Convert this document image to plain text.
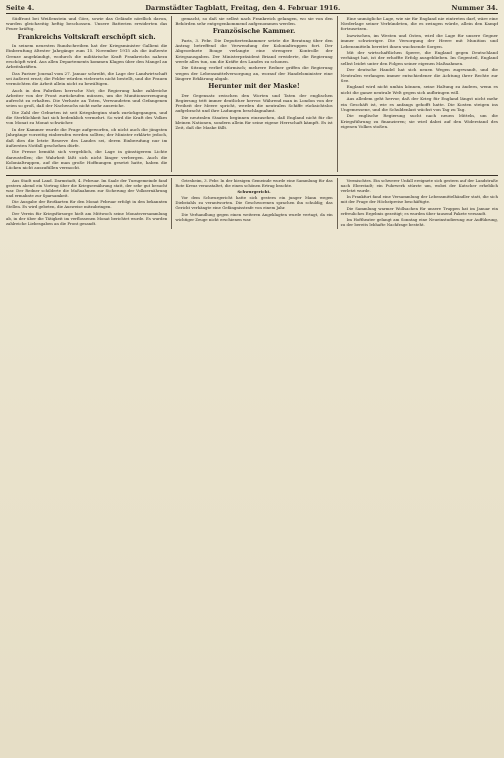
Seite 4.	Darmstädter Tagblatt, Freitag, den 4. Februar 1916.	Nummer 34.

Südfront bei Weißenstein und Görz, sowie das Gelände nördlich davon, wurden gleichzeitig heftig beschossen. Unsere Batterien erwiderten das Feuer kräftig.

Frankreichs Voltskraft erschöpft sich.

In seinem neuesten Rundschreiben hat der Kriegsminister Gallieni die Einberufung ältester Jahrgänge zum 15. November 1915 als die äußerste Grenze angekündigt, wodurch die militärische Kraft Frankreichs nahezu erschöpft wird. Aus allen Departements kommen Klagen über den Mangel an Arbeitskräften.

Das Pariser Journal vom 27. Januar schreibt, die Lage der Landwirtschaft sei äußerst ernst; die Felder würden vielerorts nicht bestellt, und die Frauen vermöchten die Arbeit allein nicht zu bewältigen.

Auch in den Fabriken herrsche Not; die Regierung habe zahlreiche Arbeiter von der Front zurückrufen müssen, um die Munitionserzeugung aufrecht zu erhalten. Die Verluste an Toten, Verwundeten und Gefangenen seien so groß, daß der Nachwuchs nicht mehr ausreiche.

Die Zahl der Geburten ist seit Kriegsbeginn stark zurückgegangen, und die Sterblichkeit hat sich bedenklich vermehrt. So wird die Kraft des Volkes von Monat zu Monat schwächer.

In der Kammer wurde die Frage aufgeworfen, ob nicht auch die jüngsten Jahrgänge vorzeitig einberufen werden sollten; der Minister erklärte jedoch, daß dies die letzte Reserve des Landes sei, deren Einberufung nur im äußersten Notfall geschehen dürfe.

Die Presse bemüht sich vergeblich, die Lage in günstigerem Lichte darzustellen; die Wahrheit läßt sich nicht länger verbergen. Auch die Kolonialtruppen, auf die man große Hoffnungen gesetzt hatte, haben die Lücken nicht auszufüllen vermocht.

gemacht, so daß sie selbst nach Frankreich gelangen, wo sie von den Behörden sehr entgegenkommend aufgenommen werden.

Französische Kammer.

Paris, 3. Febr. Die Deputiertenkammer setzte die Beratung über den Antrag betreffend die Verwendung der Kolonialtruppen fort. Der Abgeordnete Bouge verlangte eine strengere Kontrolle der Kriegsausgaben. Der Ministerpräsident Briand erwiderte, die Regierung werde alles tun, um die Kräfte des Landes zu schonen.

Die Sitzung verlief stürmisch; mehrere Redner griffen die Regierung wegen der Lebensmittelversorgung an, worauf der Handelsminister eine längere Erklärung abgab.

Herunter mit der Maske!

Der Gegensatz zwischen den Worten und Taten der englischen Regierung tritt immer deutlicher hervor. Während man in London von der Freiheit der Meere spricht, werden die neutralen Schiffe rücksichtslos aufgebracht und ihre Ladungen beschlagnahmt.

Die neutralen Staaten beginnen einzusehen, daß England nicht für die kleinen Nationen, sondern allein für seine eigene Herrschaft kämpft. Es ist Zeit, daß die Maske fällt.

Eine unmögliche Lage, wie sie für England nie eintreten darf, wäre eine Niederlage seiner Verbündeten, die es zwingen würde, allein den Kampf fortzusetzen.

Inzwischen, im Westen und Osten, wird die Lage für unsere Gegner immer schwieriger. Die Versorgung der Heere mit Munition und Lebensmitteln bereitet ihnen wachsende Sorgen.

Mit der wirtschaftlichen Sperre, die England gegen Deutschland verhängt hat, ist der erhoffte Erfolg ausgeblieben. Im Gegenteil, England selbst leidet unter den Folgen seiner eigenen Maßnahmen.

Der deutsche Handel hat sich neuen Wegen zugewandt, und die Neutralen verlangen immer entschiedener die Achtung ihrer Rechte zur See.

England wird nicht umhin können, seine Haltung zu ändern, wenn es nicht die ganze neutrale Welt gegen sich aufbringen will.

Aus alledem geht hervor, daß der Krieg für England längst nicht mehr ein Geschäft ist, wie es anfangs gehofft hatte. Die Kosten steigen ins Ungemessene, und die Schuldenlast wächst von Tag zu Tag.

Die englische Regierung sucht nach neuen Mitteln, um die Kriegsführung zu finanzieren; sie wird dabei auf den Widerstand des eigenen Volkes stoßen.

Aus Stadt und Land. Darmstadt, 4. Februar. Im Saale der Turngemeinde fand gestern abend ein Vortrag über die Kriegsernährung statt, der sehr gut besucht war. Der Redner schilderte die Maßnahmen zur Sicherung der Volksernährung und ermahnte zur Sparsamkeit.

Die Ausgabe der Brotkarten für den Monat Februar erfolgt in den bekannten Stellen. Es wird gebeten, die Ausweise mitzubringen.

Der Verein für Kriegsfürsorge hielt am Mittwoch seine Monatsversammlung ab, in der über die Tätigkeit im verflossenen Monat berichtet wurde. Es wurden zahlreiche Liebesgaben an die Front gesandt.

Griesheim, 3. Febr. In der hiesigen Gemeinde wurde eine Sammlung für das Rote Kreuz veranstaltet, die einen schönen Ertrag brachte.

Schwurgericht.

Vor dem Schwurgericht hatte sich gestern ein junger Mann wegen Diebstahls zu verantworten. Die Geschworenen sprachen ihn schuldig; das Gericht verhängte eine Gefängnisstrafe von einem Jahr.

Die Verhandlung gegen einen weiteren Angeklagten wurde vertagt, da ein wichtiger Zeuge nicht erschienen war.

Vermischtes. Ein schwerer Unfall ereignete sich gestern auf der Landstraße nach Eberstadt; ein Fuhrwerk stürzte um, wobei der Kutscher erheblich verletzt wurde.

In Frankfurt fand eine Versammlung der Lebensmittelhändler statt, die sich mit der Frage der Höchstpreise beschäftigte.

Die Sammlung warmer Wollsachen für unsere Truppen hat im Januar ein erfreuliches Ergebnis gezeitigt; es wurden über tausend Pakete versandt.

Im Hoftheater gelangt am Sonntag eine Neueinstudierung zur Aufführung, zu der bereits lebhafte Nachfrage besteht.
